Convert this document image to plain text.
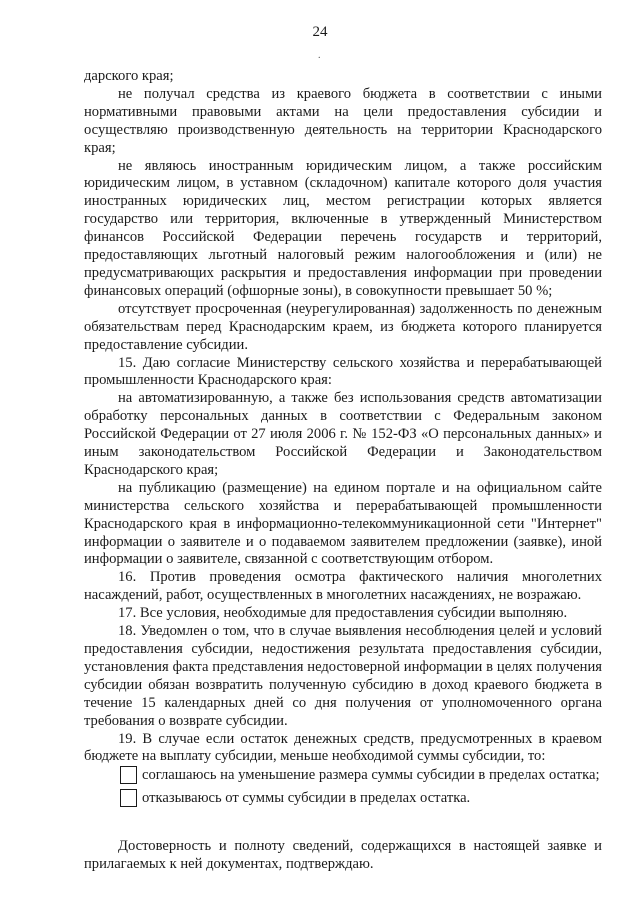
24
.

дарского края;

не получал средства из краевого бюджета в соответствии с иными нормативными правовыми актами на цели предоставления субсидии и осуществляю производственную деятельность на территории Краснодарского края;

не являюсь иностранным юридическим лицом, а также российским юридическим лицом, в уставном (складочном) капитале которого доля участия иностранных юридических лиц, местом регистрации которых является государство или территория, включенные в утвержденный Министерством финансов Российской Федерации перечень государств и территорий, предоставляющих льготный налоговый режим налогообложения и (или) не предусматривающих раскрытия и предоставления информации при проведении финансовых операций (офшорные зоны), в совокупности превышает 50 %;

отсутствует просроченная (неурегулированная) задолженность по денежным обязательствам перед Краснодарским краем, из бюджета которого планируется предоставление субсидии.

15. Даю согласие Министерству сельского хозяйства и перерабатывающей промышленности Краснодарского края:

на автоматизированную, а также без использования средств автоматизации обработку персональных данных в соответствии с Федеральным законом Российской Федерации от 27 июля 2006 г. № 152-ФЗ «О персональных данных» и иным законодательством Российской Федерации и Законодательством Краснодарского края;

на публикацию (размещение) на едином портале и на официальном сайте министерства сельского хозяйства и перерабатывающей промышленности Краснодарского края в информационно-телекоммуникационной сети "Интернет" информации о заявителе и о подаваемом заявителем предложении (заявке), иной информации о заявителе, связанной с соответствующим отбором.

16. Против проведения осмотра фактического наличия многолетних насаждений, работ, осуществленных в многолетних насаждениях, не возражаю.

17. Все условия, необходимые для предоставления субсидии выполняю.

18. Уведомлен о том, что в случае выявления несоблюдения целей и условий предоставления субсидии, недостижения результата предоставления субсидии, установления факта представления недостоверной информации в целях получения субсидии обязан возвратить полученную субсидию в доход краевого бюджета в течение 15 календарных дней со дня получения от уполномоченного органа требования о возврате субсидии.

19. В случае если остаток денежных средств, предусмотренных в краевом бюджете на выплату субсидии, меньше необходимой суммы субсидии, то:

соглашаюсь на уменьшение размера суммы субсидии в пределах остатка;

отказываюсь от суммы субсидии в пределах остатка.

Достоверность и полноту сведений, содержащихся в настоящей заявке и прилагаемых к ней документах, подтверждаю.
